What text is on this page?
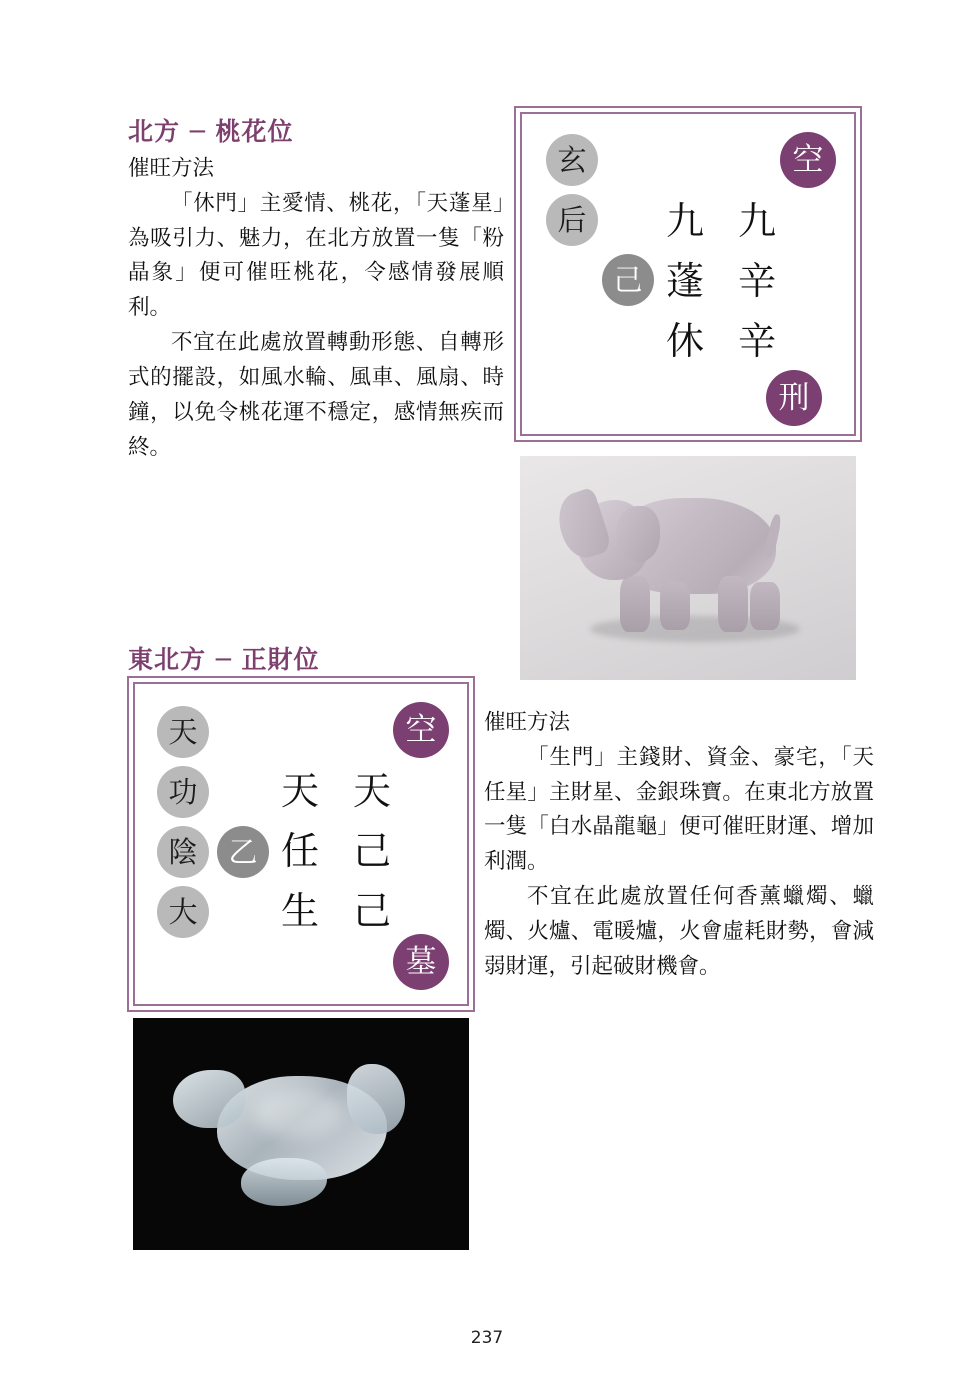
北方 ─ 桃花位

催旺方法

「休門」主愛情、桃花，「天蓬星」為吸引力、魅力，在北方放置一隻「粉晶象」便可催旺桃花，令感情發展順利。

不宜在此處放置轉動形態、自轉形式的擺設，如風水輪、風車、風扇、時鐘，以免令桃花運不穩定，感情無疾而終。

玄
后
己
空
刑
九
蓬
休
九
辛
辛
東北方 ─ 正財位
天
功
陰
大
乙
空
墓
天
任
生
天
己
己

催旺方法

「生門」主錢財、資金、豪宅，「天任星」主財星、金銀珠寶。在東北方放置一隻「白水晶龍龜」便可催旺財運、增加利潤。

不宜在此處放置任何香薰蠟燭、蠟燭、火爐、電暖爐，火會虛耗財勢，會減弱財運，引起破財機會。

237
